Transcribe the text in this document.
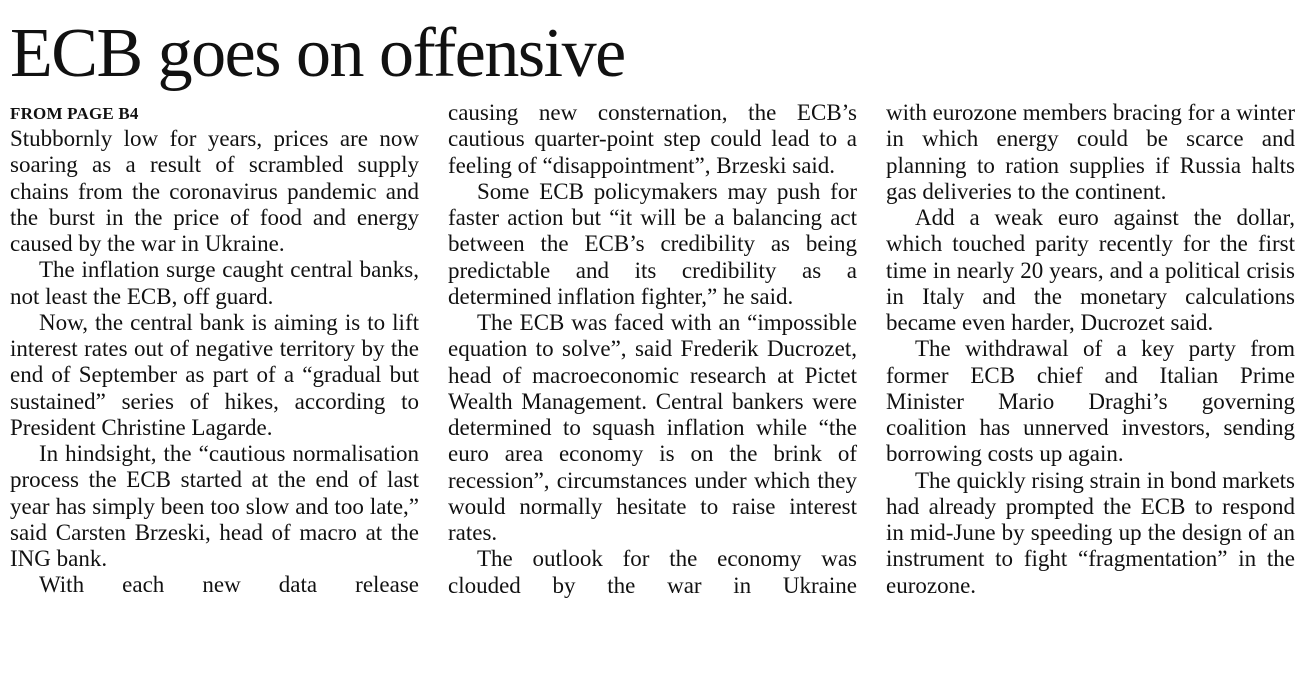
ECB goes on offensive
FROM PAGE B4

Stubbornly low for years, prices are now soaring as a result of scrambled supply chains from the coronavirus pandemic and the burst in the price of food and energy caused by the war in Ukraine.

The inflation surge caught central banks, not least the ECB, off guard.

Now, the central bank is aiming is to lift interest rates out of negative territory by the end of September as part of a “gradual but sustained” series of hikes, according to President Christine Lagarde.

In hindsight, the “cautious normalisation process the ECB started at the end of last year has simply been too slow and too late,” said Carsten Brzeski, head of macro at the ING bank.

With each new data release

causing new consternation, the ECB’s cautious quarter-point step could lead to a feeling of “disappointment”, Brzeski said.

Some ECB policymakers may push for faster action but “it will be a balancing act between the ECB’s credibility as being predictable and its credibility as a determined inflation fighter,” he said.

The ECB was faced with an “impossible equation to solve”, said Frederik Ducrozet, head of macroeconomic research at Pictet Wealth Management. Central bankers were determined to squash inflation while “the euro area economy is on the brink of recession”, circumstances under which they would normally hesitate to raise interest rates.

The outlook for the economy was clouded by the war in Ukraine

with eurozone members bracing for a winter in which energy could be scarce and planning to ration supplies if Russia halts gas deliveries to the continent.

Add a weak euro against the dollar, which touched parity recently for the first time in nearly 20 years, and a political crisis in Italy and the monetary calculations became even harder, Ducrozet said.

The withdrawal of a key party from former ECB chief and Italian Prime Minister Mario Draghi’s governing coalition has unnerved investors, sending borrowing costs up again.

The quickly rising strain in bond markets had already prompted the ECB to respond in mid-June by speeding up the design of an instrument to fight “fragmentation” in the eurozone.
